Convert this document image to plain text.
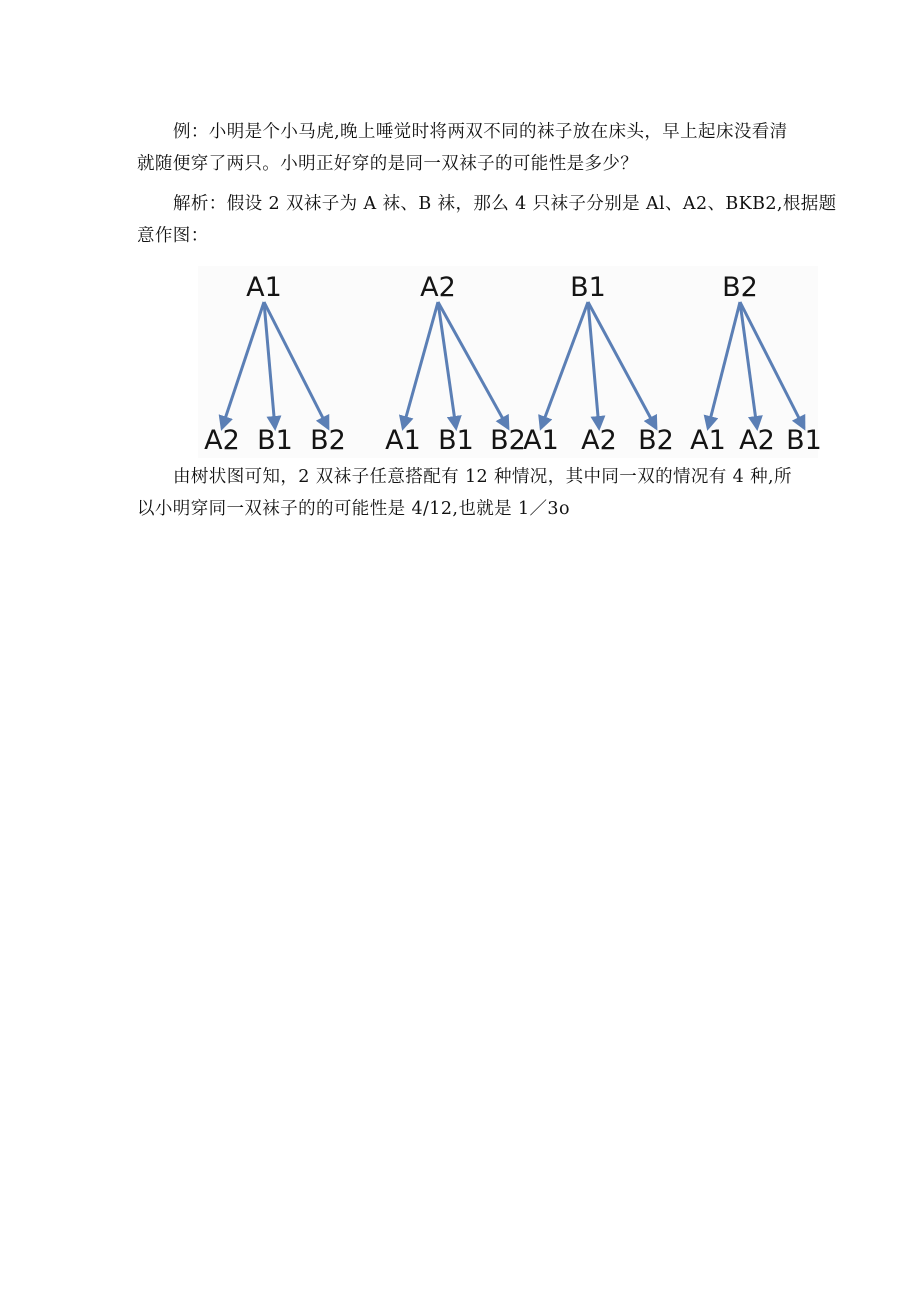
例：小明是个小马虎,晚上唾觉时将两双不同的袜子放在床头，早上起床没看清
就随便穿了两只。小明正好穿的是同一双袜子的可能性是多少？

解析：假设 2 双袜子为 A 袜、B 袜，那么 4 只袜子分别是 Al、A2、BKB2,根据题
意作图：

A1
A2 B1 B2
A2
A1 B1 B2
B1
A1 A2 B2
B2
A1 A2 B1

由树状图可知，2 双袜子任意搭配有 12 种情况，其中同一双的情况有 4 种,所
以小明穿同一双袜子的的可能性是 4/12,也就是 1／3o
